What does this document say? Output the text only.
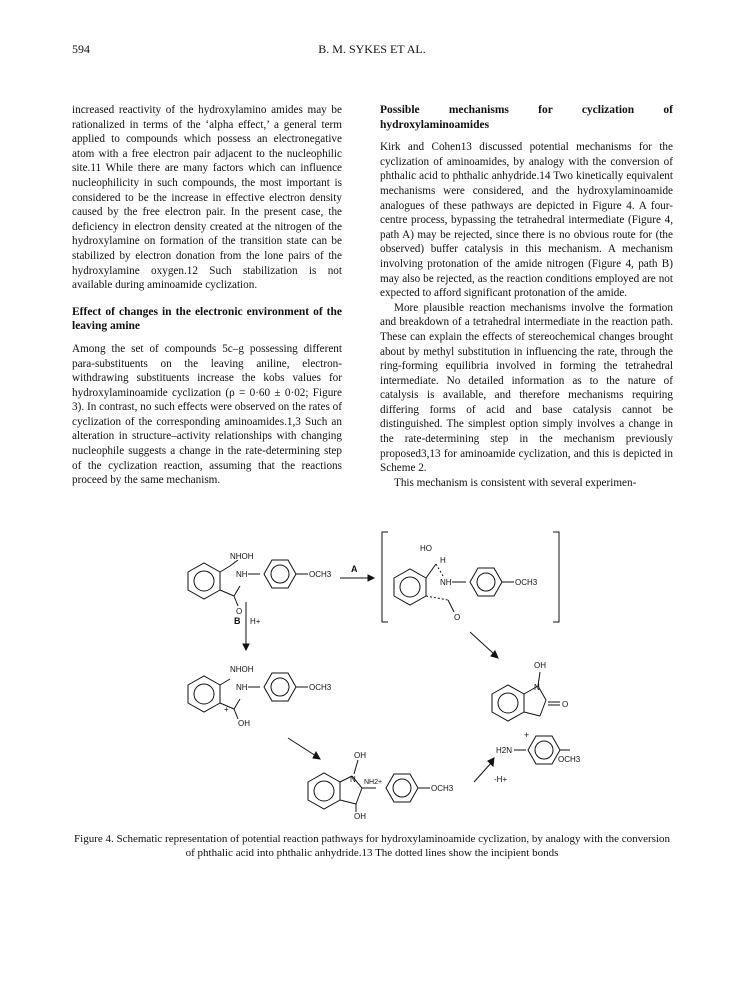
594	B. M. SYKES ET AL.

increased reactivity of the hydroxylamino amides may be rationalized in terms of the ‘alpha effect,’ a general term applied to compounds which possess an electronegative atom with a free electron pair adjacent to the nucleophilic site.11 While there are many factors which can influence nucleophilicity in such compounds, the most important is considered to be the increase in effective electron density caused by the free electron pair. In the present case, the deficiency in electron density created at the nitrogen of the hydroxylamine on formation of the transition state can be stabilized by electron donation from the lone pairs of the hydroxylamine oxygen.12 Such stabilization is not available during aminoamide cyclization.

Effect of changes in the electronic environment of the leaving amine

Among the set of compounds 5c–g possessing different para-substituents on the leaving aniline, electron-withdrawing substituents increase the kobs values for hydroxylaminoamide cyclization (ρ = 0·60 ± 0·02; Figure 3). In contrast, no such effects were observed on the rates of cyclization of the corresponding aminoamides.1,3 Such an alteration in structure–activity relationships with changing nucleophile suggests a change in the rate-determining step of the cyclization reaction, assuming that the reactions proceed by the same mechanism.

Possible mechanisms for cyclization of hydroxylaminoamides

Kirk and Cohen13 discussed potential mechanisms for the cyclization of aminoamides, by analogy with the conversion of phthalic acid to phthalic anhydride.14 Two kinetically equivalent mechanisms were considered, and the hydroxylaminoamide analogues of these pathways are depicted in Figure 4. A four-centre process, bypassing the tetrahedral intermediate (Figure 4, path A) may be rejected, since there is no obvious route for (the observed) buffer catalysis in this mechanism. A mechanism involving protonation of the amide nitrogen (Figure 4, path B) may also be rejected, as the reaction conditions employed are not expected to afford significant protonation of the amide.

More plausible reaction mechanisms involve the formation and breakdown of a tetrahedral intermediate in the reaction path. These can explain the effects of stereochemical changes brought about by methyl substitution in influencing the rate, through the ring-forming equilibria involved in forming the tetrahedral intermediate. No detailed information as to the nature of catalysis is available, and therefore mechanisms requiring differing forms of acid and base catalysis cannot be distinguished. The simplest option simply involves a change in the rate-determining step in the mechanism previously proposed3,13 for aminoamide cyclization, and this is depicted in Scheme 2.

This mechanism is consistent with several experimen-

NHOH
NH	OCH3
O
A
HO
H
NH	OCH3
O
B H+
NHOH
NH	OCH3
+
OH
-H+
OH
N
O
+
H2N
OCH3
OH
N NH2+
OCH3
OH
Figure 4. Schematic representation of potential reaction pathways for hydroxylaminoamide cyclization, by analogy with the conversion of phthalic acid into phthalic anhydride.13 The dotted lines show the incipient bonds
